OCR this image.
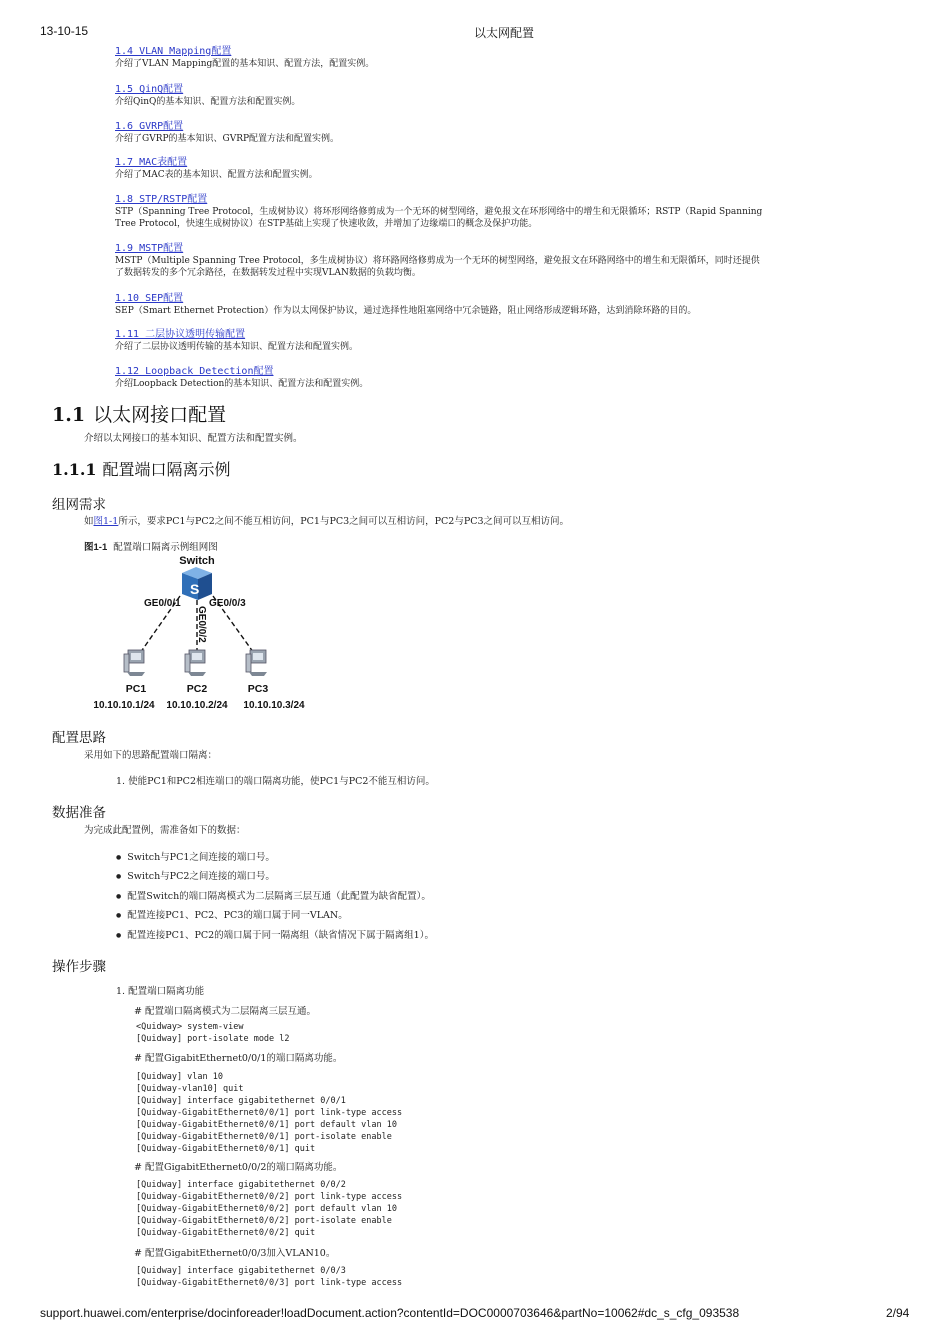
13-10-15	以太网配置
support.huawei.com/enterprise/docinforeader!loadDocument.action?contentId=DOC0000703646&partNo=10062#dc_s_cfg_093538	2/94
1.4 VLAN Mapping配置
介绍了VLAN Mapping配置的基本知识、配置方法，配置实例。
1.5 QinQ配置
介绍QinQ的基本知识、配置方法和配置实例。
1.6 GVRP配置
介绍了GVRP的基本知识、GVRP配置方法和配置实例。
1.7 MAC表配置
介绍了MAC表的基本知识、配置方法和配置实例。
1.8 STP/RSTP配置
STP（Spanning Tree Protocol，生成树协议）将环形网络修剪成为一个无环的树型网络，避免报文在环形网络中的增生和无限循环；RSTP（Rapid Spanning
Tree Protocol，快速生成树协议）在STP基础上实现了快速收敛，并增加了边缘端口的概念及保护功能。
1.9 MSTP配置
MSTP（Multiple Spanning Tree Protocol，多生成树协议）将环路网络修剪成为一个无环的树型网络，避免报文在环路网络中的增生和无限循环，同时还提供
了数据转发的多个冗余路径，在数据转发过程中实现VLAN数据的负载均衡。
1.10 SEP配置
SEP（Smart Ethernet Protection）作为以太网保护协议，通过选择性地阻塞网络中冗余链路，阻止网络形成逻辑环路，达到消除环路的目的。
1.11 二层协议透明传输配置
介绍了二层协议透明传输的基本知识、配置方法和配置实例。
1.12 Loopback Detection配置
介绍Loopback Detection的基本知识、配置方法和配置实例。
1.1 以太网接口配置
介绍以太网接口的基本知识、配置方法和配置实例。
1.1.1 配置端口隔离示例
组网需求
如图1-1所示，要求PC1与PC2之间不能互相访问，PC1与PC3之间可以互相访问，PC2与PC3之间可以互相访问。
图1-1 配置端口隔离示例组网图
Switch
S
GE0/0/1	GE0/0/3
GE0/0/2
PC1	PC2	PC3
10.10.10.1/24 10.10.10.2/24 10.10.10.3/24
配置思路
采用如下的思路配置端口隔离：
1. 使能PC1和PC2相连端口的端口隔离功能，使PC1与PC2不能互相访问。
数据准备
为完成此配置例，需准备如下的数据：
● Switch与PC1之间连接的端口号。
● Switch与PC2之间连接的端口号。
● 配置Switch的端口隔离模式为二层隔离三层互通（此配置为缺省配置）。
● 配置连接PC1、PC2、PC3的端口属于同一VLAN。
● 配置连接PC1、PC2的端口属于同一隔离组（缺省情况下属于隔离组1）。
操作步骤
1. 配置端口隔离功能
# 配置端口隔离模式为二层隔离三层互通。
<Quidway> system-view
[Quidway] port-isolate mode l2
# 配置GigabitEthernet0/0/1的端口隔离功能。
[Quidway] vlan 10
[Quidway-vlan10] quit
[Quidway] interface gigabitethernet 0/0/1
[Quidway-GigabitEthernet0/0/1] port link-type access
[Quidway-GigabitEthernet0/0/1] port default vlan 10
[Quidway-GigabitEthernet0/0/1] port-isolate enable
[Quidway-GigabitEthernet0/0/1] quit
# 配置GigabitEthernet0/0/2的端口隔离功能。
[Quidway] interface gigabitethernet 0/0/2
[Quidway-GigabitEthernet0/0/2] port link-type access
[Quidway-GigabitEthernet0/0/2] port default vlan 10
[Quidway-GigabitEthernet0/0/2] port-isolate enable
[Quidway-GigabitEthernet0/0/2] quit
# 配置GigabitEthernet0/0/3加入VLAN10。
[Quidway] interface gigabitethernet 0/0/3
[Quidway-GigabitEthernet0/0/3] port link-type access
